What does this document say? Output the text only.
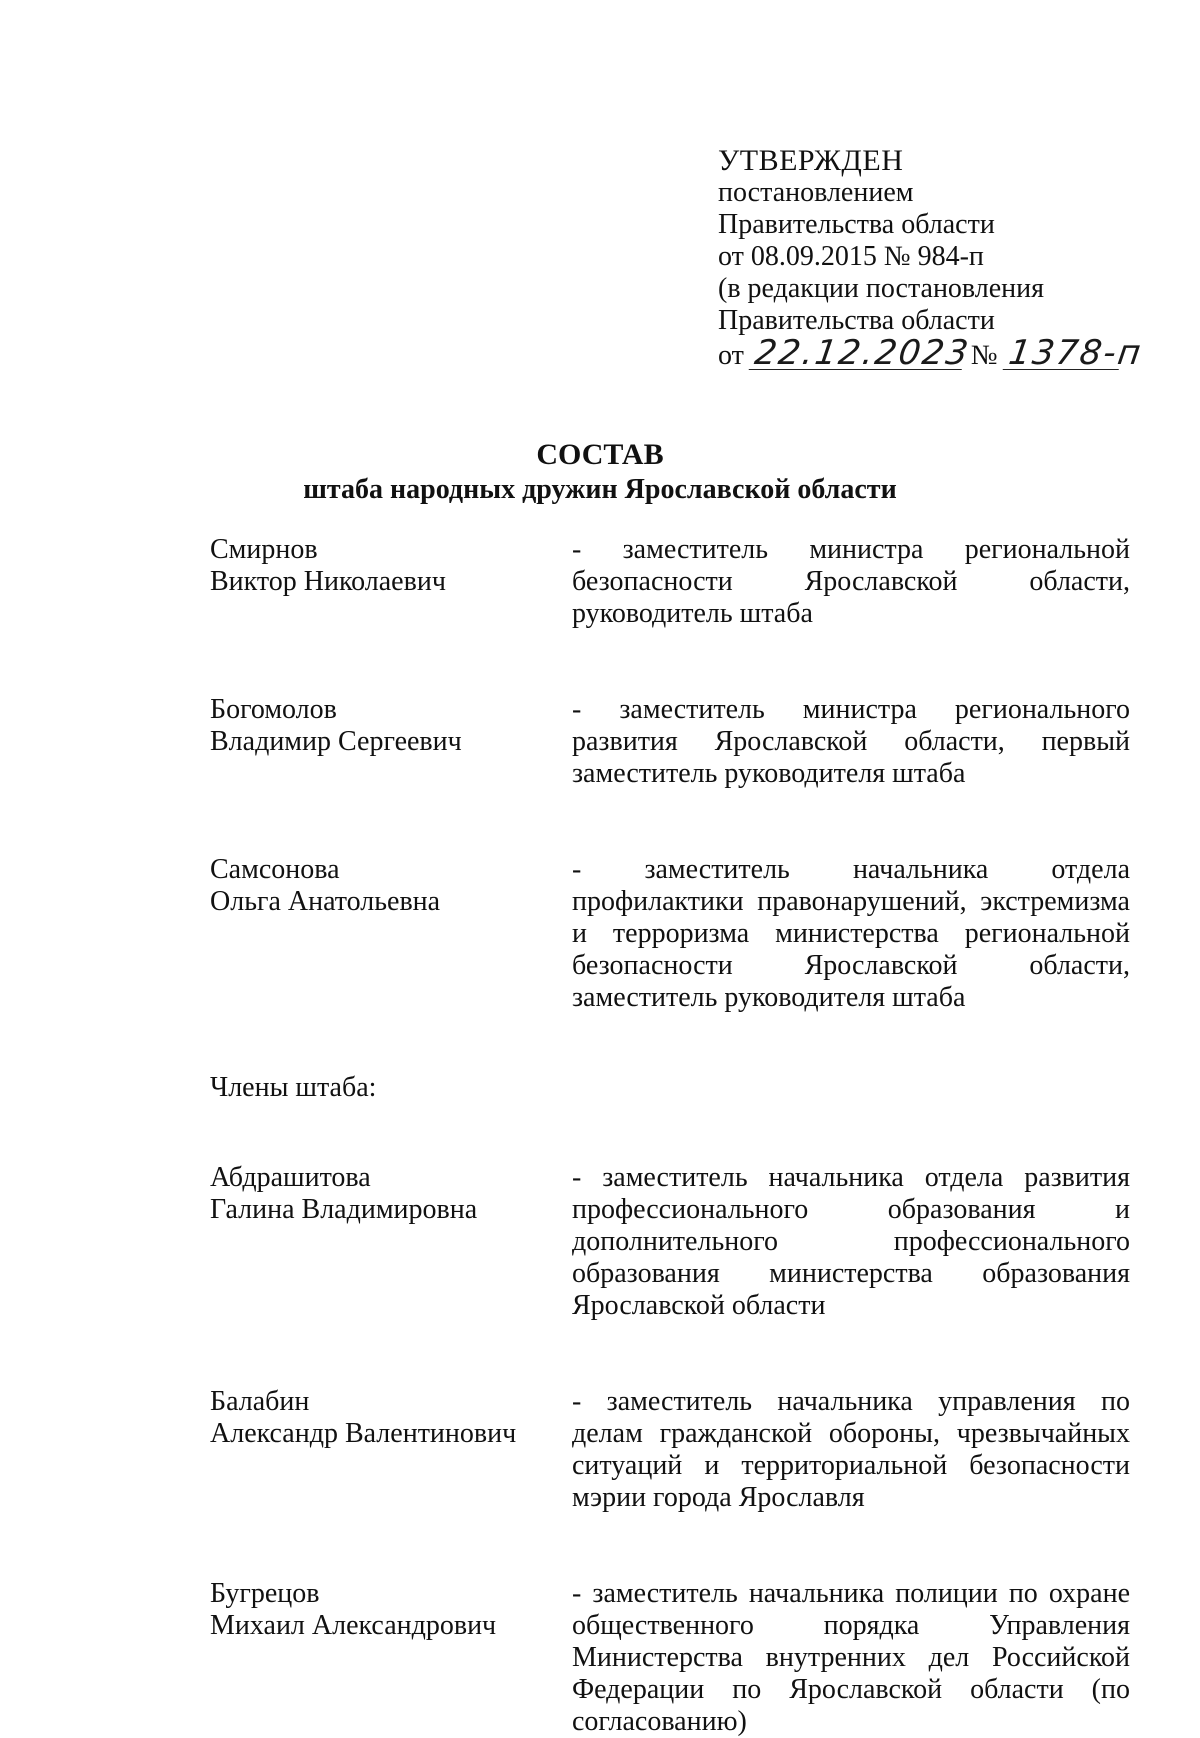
УТВЕРЖДЕН
постановлением
Правительства области
от 08.09.2015 № 984-п
(в редакции постановления
Правительства области
от 22.12.2023 № 1378-п
СОСТАВ
штаба народных дружин Ярославской области
Смирнов
Виктор Николаевич
- заместитель министра региональной безопасности Ярославской области, руководитель штаба
Богомолов
Владимир Сергеевич
- заместитель министра регионального развития Ярославской области, первый заместитель руководителя штаба
Самсонова
Ольга Анатольевна
- заместитель начальника отдела профилактики правонарушений, экстремизма и терроризма министерства региональной безопасности Ярославской области, заместитель руководителя штаба
Члены штаба:
Абдрашитова
Галина Владимировна
- заместитель начальника отдела развития профессионального образования и дополнительного профессионального образования министерства образования Ярославской области
Балабин
Александр Валентинович
- заместитель начальника управления по делам гражданской обороны, чрезвычайных ситуаций и территориальной безопасности мэрии города Ярославля
Бугрецов
Михаил Александрович
- заместитель начальника полиции по охране общественного порядка Управления Министерства внутренних дел Российской Федерации по Ярославской области (по согласованию)
